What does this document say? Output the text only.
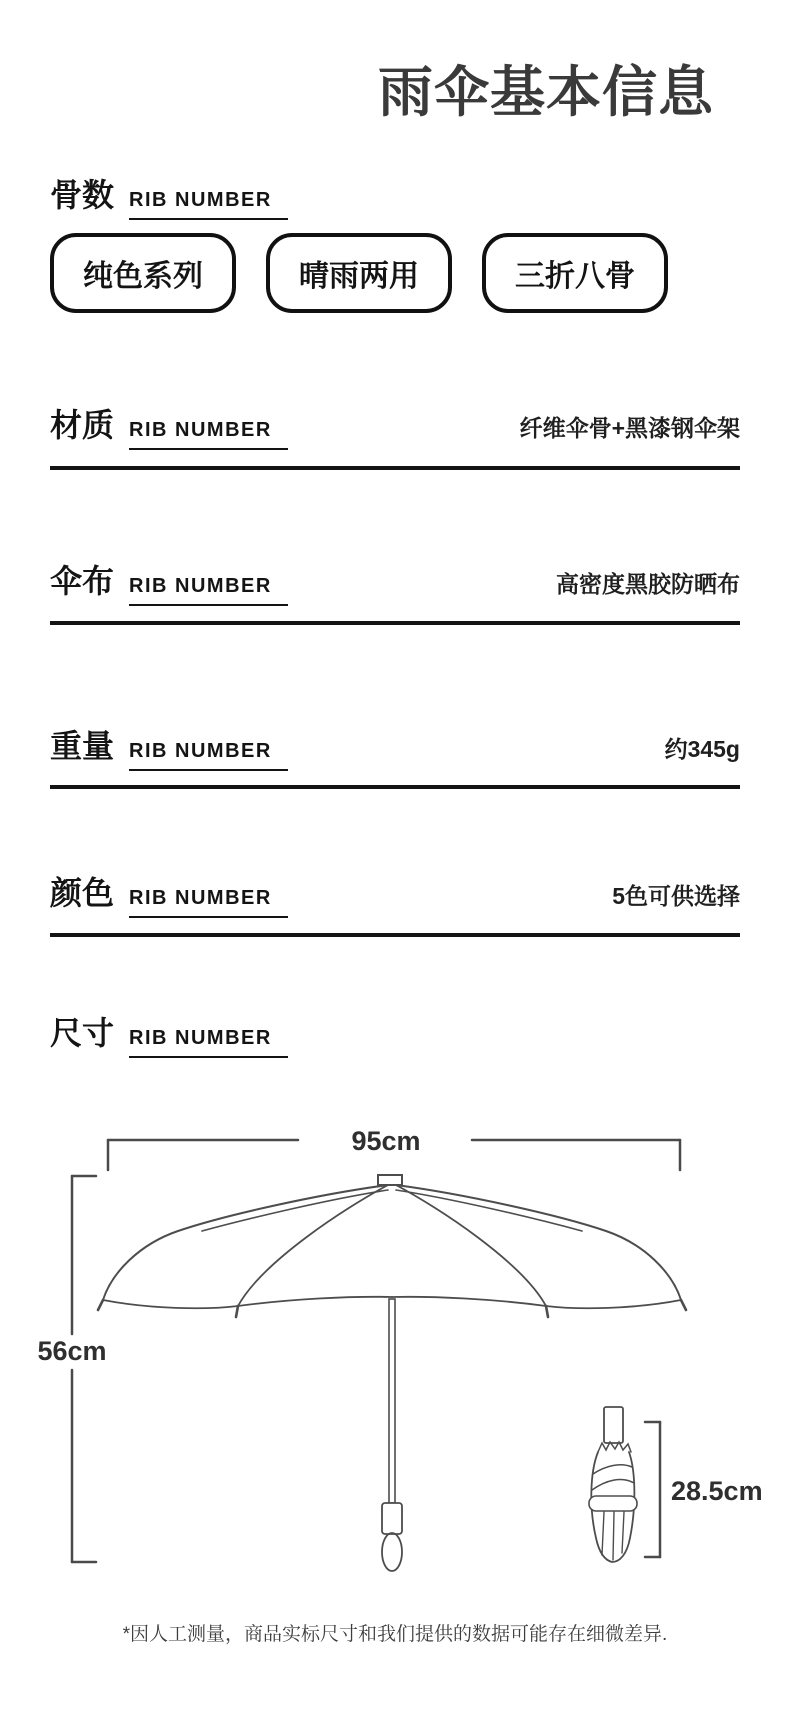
雨伞基本信息
骨数 RIB NUMBER
纯色系列	晴雨两用	三折八骨
材质 RIB NUMBER	纤维伞骨+黑漆钢伞架
伞布 RIB NUMBER	高密度黑胶防晒布
重量 RIB NUMBER	约345g
颜色 RIB NUMBER	5色可供选择
尺寸 RIB NUMBER
95cm
56cm
28.5cm
*因人工测量，商品实标尺寸和我们提供的数据可能存在细微差异.
